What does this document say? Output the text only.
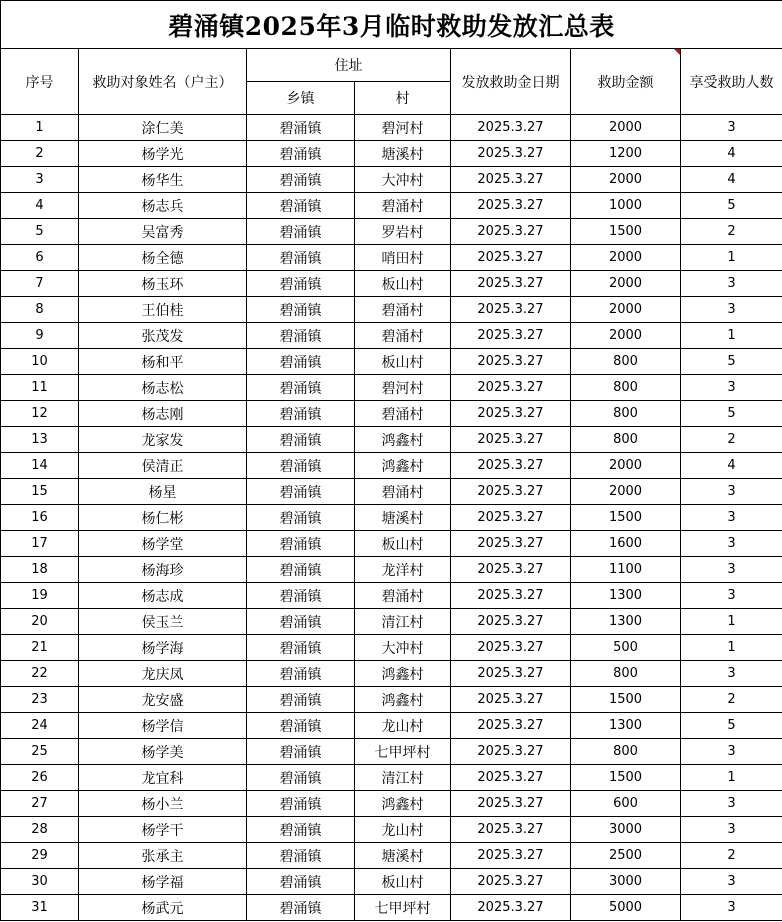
碧涌镇2025年3月临时救助发放汇总表						
序号	救助对象姓名（户主）	住址		发放救助金日期	救助金额	享受救助人数
		乡镇	村			
1	涂仁美	碧涌镇	碧河村	2025.3.27	2000	3
2	杨学光	碧涌镇	塘溪村	2025.3.27	1200	4
3	杨华生	碧涌镇	大冲村	2025.3.27	2000	4
4	杨志兵	碧涌镇	碧涌村	2025.3.27	1000	5
5	吴富秀	碧涌镇	罗岩村	2025.3.27	1500	2
6	杨全德	碧涌镇	哨田村	2025.3.27	2000	1
7	杨玉环	碧涌镇	板山村	2025.3.27	2000	3
8	王伯桂	碧涌镇	碧涌村	2025.3.27	2000	3
9	张茂发	碧涌镇	碧涌村	2025.3.27	2000	1
10	杨和平	碧涌镇	板山村	2025.3.27	800	5
11	杨志松	碧涌镇	碧河村	2025.3.27	800	3
12	杨志刚	碧涌镇	碧涌村	2025.3.27	800	5
13	龙家发	碧涌镇	鸿鑫村	2025.3.27	800	2
14	侯清正	碧涌镇	鸿鑫村	2025.3.27	2000	4
15	杨星	碧涌镇	碧涌村	2025.3.27	2000	3
16	杨仁彬	碧涌镇	塘溪村	2025.3.27	1500	3
17	杨学堂	碧涌镇	板山村	2025.3.27	1600	3
18	杨海珍	碧涌镇	龙洋村	2025.3.27	1100	3
19	杨志成	碧涌镇	碧涌村	2025.3.27	1300	3
20	侯玉兰	碧涌镇	清江村	2025.3.27	1300	1
21	杨学海	碧涌镇	大冲村	2025.3.27	500	1
22	龙庆凤	碧涌镇	鸿鑫村	2025.3.27	800	3
23	龙安盛	碧涌镇	鸿鑫村	2025.3.27	1500	2
24	杨学信	碧涌镇	龙山村	2025.3.27	1300	5
25	杨学美	碧涌镇	七甲坪村	2025.3.27	800	3
26	龙宜科	碧涌镇	清江村	2025.3.27	1500	1
27	杨小兰	碧涌镇	鸿鑫村	2025.3.27	600	3
28	杨学干	碧涌镇	龙山村	2025.3.27	3000	3
29	张承主	碧涌镇	塘溪村	2025.3.27	2500	2
30	杨学福	碧涌镇	板山村	2025.3.27	3000	3
31	杨武元	碧涌镇	七甲坪村	2025.3.27	5000	3
